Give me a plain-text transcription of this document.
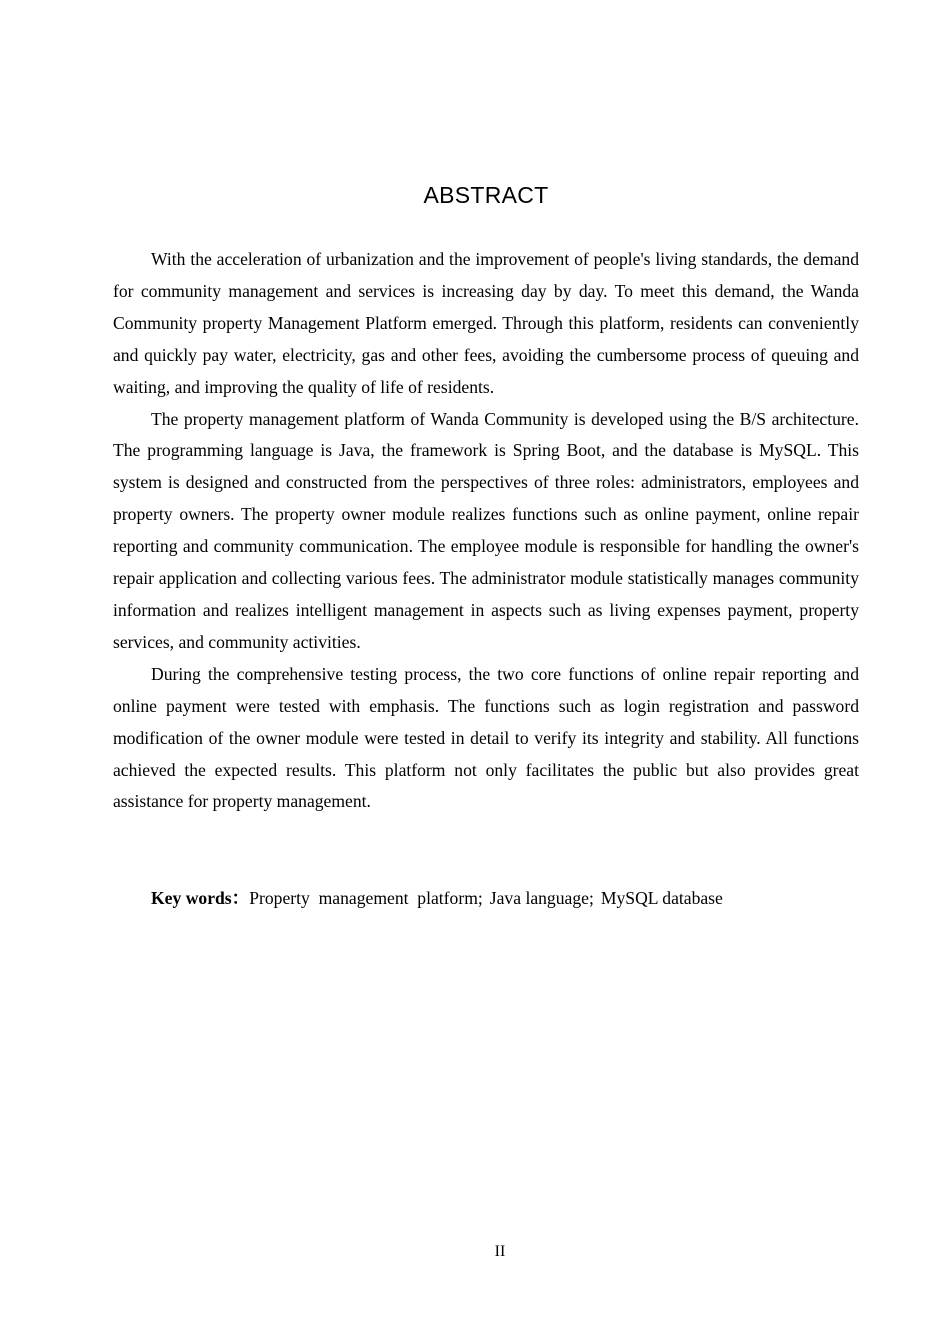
ABSTRACT

With the acceleration of urbanization and the improvement of people's living standards, the demand for community management and services is increasing day by day. To meet this demand, the Wanda Community property Management Platform emerged. Through this platform, residents can conveniently and quickly pay water, electricity, gas and other fees, avoiding the cumbersome process of queuing and waiting, and improving the quality of life of residents.

The property management platform of Wanda Community is developed using the B/S architecture. The programming language is Java, the framework is Spring Boot, and the database is MySQL. This system is designed and constructed from the perspectives of three roles: administrators, employees and property owners. The property owner module realizes functions such as online payment, online repair reporting and community communication. The employee module is responsible for handling the owner's repair application and collecting various fees. The administrator module statistically manages community information and realizes intelligent management in aspects such as living expenses payment, property services, and community activities.

During the comprehensive testing process, the two core functions of online repair reporting and online payment were tested with emphasis. The functions such as login registration and password modification of the owner module were tested in detail to verify its integrity and stability. All functions achieved the expected results. This platform not only facilitates the public but also provides great assistance for property management.

Key words：Property  management  platform; Java language; MySQL database
II
